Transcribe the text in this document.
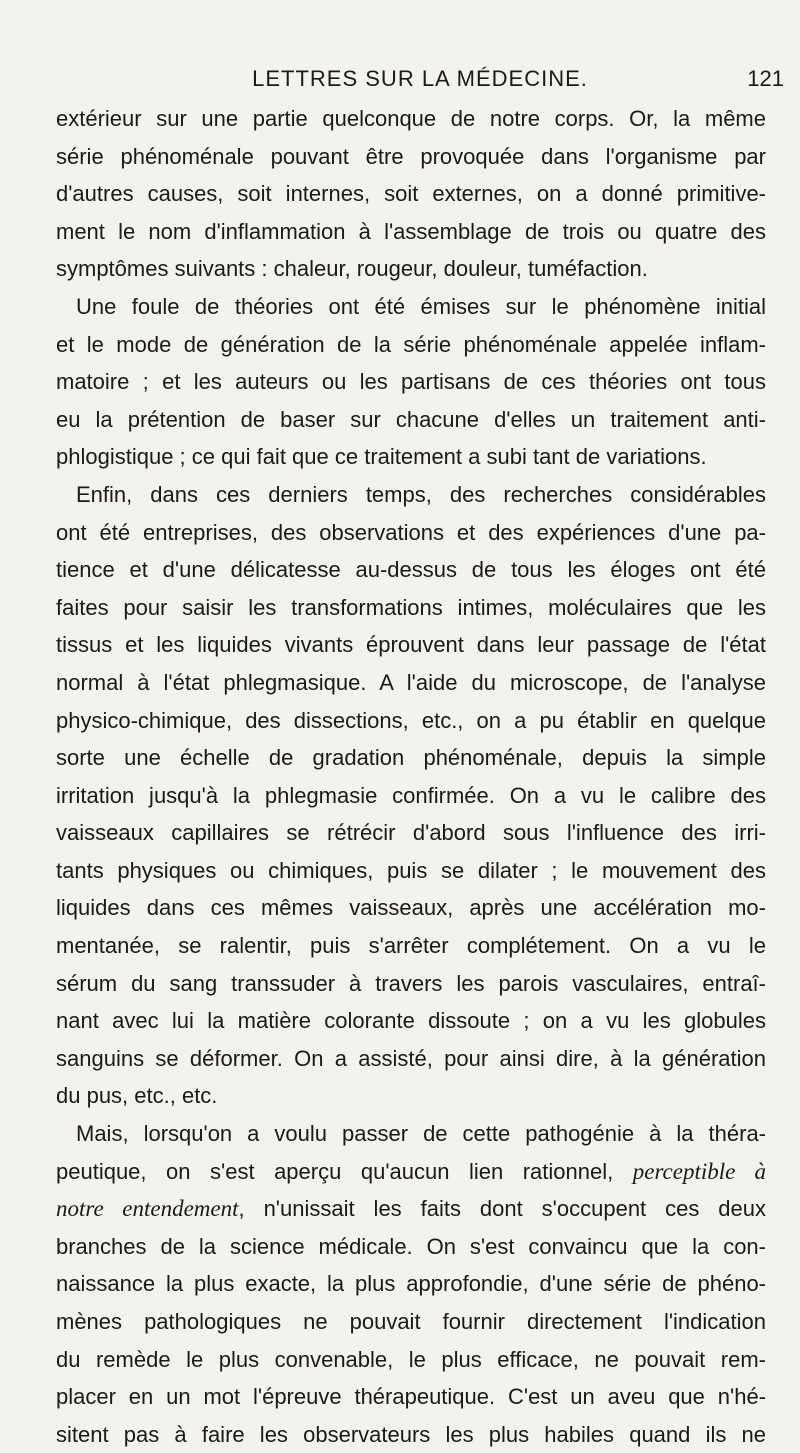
LETTRES SUR LA MÉDECINE.	121
extérieur sur une partie quelconque de notre corps. Or, la même
série phénoménale pouvant être provoquée dans l'organisme par
d'autres causes, soit internes, soit externes, on a donné primitive-
ment le nom d'inflammation à l'assemblage de trois ou quatre des
symptômes suivants : chaleur, rougeur, douleur, tuméfaction.
Une foule de théories ont été émises sur le phénomène initial
et le mode de génération de la série phénoménale appelée inflam-
matoire ; et les auteurs ou les partisans de ces théories ont tous
eu la prétention de baser sur chacune d'elles un traitement anti-
phlogistique ; ce qui fait que ce traitement a subi tant de variations.
Enfin, dans ces derniers temps, des recherches considérables
ont été entreprises, des observations et des expériences d'une pa-
tience et d'une délicatesse au-dessus de tous les éloges ont été
faites pour saisir les transformations intimes, moléculaires que les
tissus et les liquides vivants éprouvent dans leur passage de l'état
normal à l'état phlegmasique. A l'aide du microscope, de l'analyse
physico-chimique, des dissections, etc., on a pu établir en quelque
sorte une échelle de gradation phénoménale, depuis la simple
irritation jusqu'à la phlegmasie confirmée. On a vu le calibre des
vaisseaux capillaires se rétrécir d'abord sous l'influence des irri-
tants physiques ou chimiques, puis se dilater ; le mouvement des
liquides dans ces mêmes vaisseaux, après une accélération mo-
mentanée, se ralentir, puis s'arrêter complétement. On a vu le
sérum du sang transsuder à travers les parois vasculaires, entraî-
nant avec lui la matière colorante dissoute ; on a vu les globules
sanguins se déformer. On a assisté, pour ainsi dire, à la génération
du pus, etc., etc.
Mais, lorsqu'on a voulu passer de cette pathogénie à la théra-
peutique, on s'est aperçu qu'aucun lien rationnel, perceptible à
notre entendement, n'unissait les faits dont s'occupent ces deux
branches de la science médicale. On s'est convaincu que la con-
naissance la plus exacte, la plus approfondie, d'une série de phéno-
mènes pathologiques ne pouvait fournir directement l'indication
du remède le plus convenable, le plus efficace, ne pouvait rem-
placer en un mot l'épreuve thérapeutique. C'est un aveu que n'hé-
sitent pas à faire les observateurs les plus habiles quand ils ne
